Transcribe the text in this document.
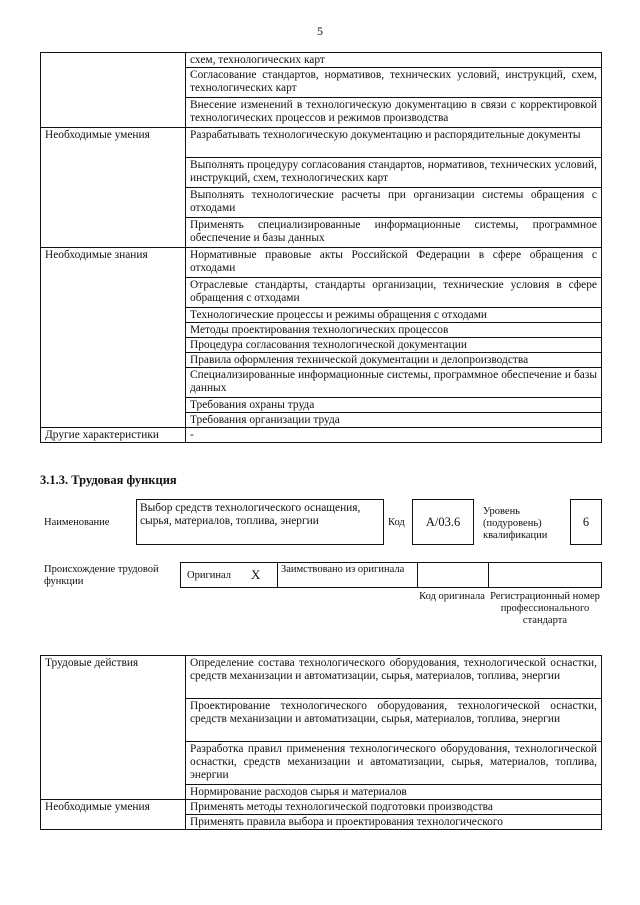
5
	схем, технологических карт
	Согласование стандартов, нормативов, технических условий, инструкций, схем, технологических карт
	Внесение изменений в технологическую документацию в связи с корректировкой технологических процессов и режимов производства
Необходимые умения	Разрабатывать технологическую документацию и распорядительные документы
	Выполнять процедуру согласования стандартов, нормативов, технических условий, инструкций, схем, технологических карт
	Выполнять технологические расчеты при организации системы обращения с отходами
	Применять специализированные информационные системы, программное обеспечение и базы данных
Необходимые знания	Нормативные правовые акты Российской Федерации в сфере обращения с отходами
	Отраслевые стандарты, стандарты организации, технические условия в сфере обращения с отходами
	Технологические процессы и режимы обращения с отходами
	Методы проектирования технологических процессов
	Процедура согласования технологической документации
	Правила оформления технической документации и делопроизводства
	Специализированные информационные системы, программное обеспечение и базы данных
	Требования охраны труда
	Требования организации труда
Другие характеристики	-
3.1.3. Трудовая функция
Наименование
Выбор средств технологического оснащения, сырья, материалов, топлива, энергии	Код	А/03.6
Уровень (подуровень) квалификации
6
Происхождение трудовой функции
Оригинал X Заимствовано из оригинала
Код оригинала Регистрационный номер профессионального стандарта
Трудовые действия	Определение состава технологического оборудования, технологической оснастки, средств механизации и автоматизации, сырья, материалов, топлива, энергии
	Проектирование технологического оборудования, технологической оснастки, средств механизации и автоматизации, сырья, материалов, топлива, энергии
	Разработка правил применения технологического оборудования, технологической оснастки, средств механизации и автоматизации, сырья, материалов, топлива, энергии
	Нормирование расходов сырья и материалов
Необходимые умения	Применять методы технологической подготовки производства
	Применять правила выбора и проектирования технологического
